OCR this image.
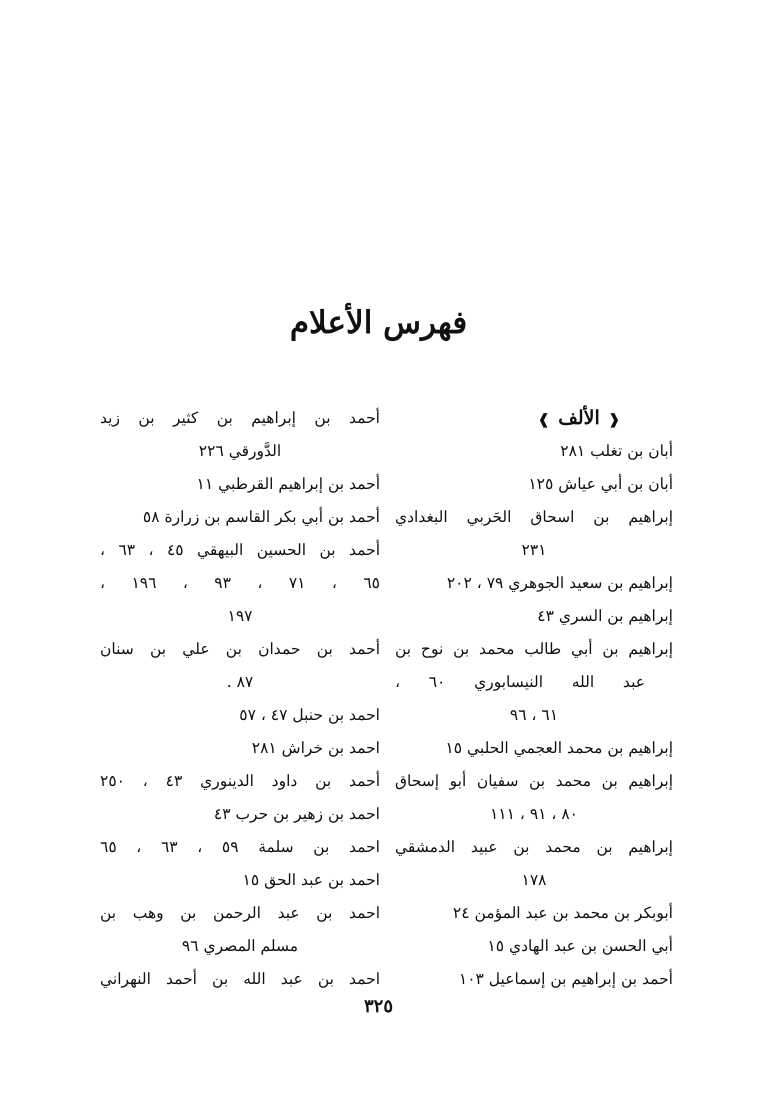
فهرس الأعلام
❰ الألف ❱
أبان بن تغلب ٢٨١
أبان بن أبي عياش ١٢٥
إبراهيم بن اسحاق الحَربي البغدادي
٢٣١
إبراهيم بن سعيد الجوهري ٧٩ ، ٢٠٢
إبراهيم بن السري ٤٣
إبراهيم بن أبي طالب محمد بن نوح بن
عبد الله النيسابوري ٦٠ ،
٦١ ، ٩٦
إبراهيم بن محمد العجمي الحلبي ١٥
إبراهيم بن محمد بن سفيان أبو إسحاق
٨٠ ، ٩١ ، ١١١
إبراهيم بن محمد بن عبيد الدمشقي
١٧٨
أبوبكر بن محمد بن عبد المؤمن ٢٤
أبي الحسن بن عبد الهادي ١٥
أحمد بن إبراهيم بن إسماعيل ١٠٣
أحمد بن إبراهيم بن كثير بن زيد
الدَّورقي ٢٢٦
أحمد بن إبراهيم القرطبي ١١
أحمد بن أبي بكر القاسم بن زرارة ٥٨
أحمد بن الحسين البيهقي ٤٥ ، ٦٣ ،
٦٥ ، ٧١ ، ٩٣ ، ١٩٦ ،
١٩٧
أحمد بن حمدان بن علي بن سنان
٨٧ .
احمد بن حنبل ٤٧ ، ٥٧
احمد بن خراش ٢٨١
أحمد بن داود الدينوري ٤٣ ، ٢٥٠
احمد بن زهير بن حرب ٤٣
احمد بن سلمة ٥٩ ، ٦٣ ، ٦٥
احمد بن عبد الحق ١٥
احمد بن عبد الرحمن بن وهب بن
مسلم المصري ٩٦
احمد بن عبد الله بن أحمد النهراني
٣٢٥
